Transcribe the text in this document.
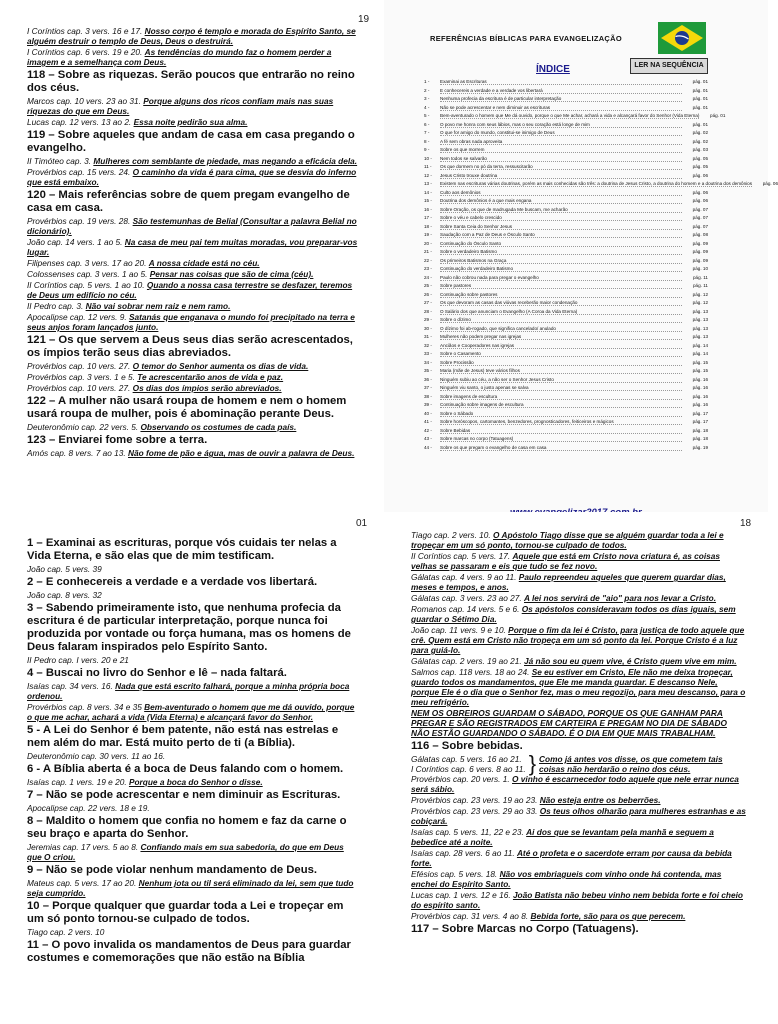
19
I Coríntios cap. 3 vers. 16 e 17. Nosso corpo é templo e morada do Espírito Santo, se alguém destruir o templo de Deus, Deus o destruirá.
I Coríntios cap. 6 vers. 19 e 20. As tendências do mundo faz o homem perder a imagem e a semelhança com Deus.
118 – Sobre as riquezas. Serão poucos que entrarão no reino dos céus.
Marcos cap. 10 vers. 23 ao 31. Porque alguns dos ricos confiam mais nas suas riquezas do que em Deus.
Lucas cap. 12 vers. 13 ao 2. Essa noite pedirão sua alma.
119 – Sobre aqueles que andam de casa em casa pregando o evangelho.
II Timóteo cap. 3. Mulheres com semblante de piedade, mas negando a eficácia dela.
Provérbios cap. 15 vers. 24. O caminho da vida é para cima, que se desvia do inferno que está embaixo.
120 – Mais referências sobre de quem pregam evangelho de casa em casa.
Provérbios cap. 19 vers. 28. São testemunhas de Belial (Consultar a palavra Belial no dicionário).
João cap. 14 vers. 1 ao 5. Na casa de meu pai tem muitas moradas, vou preparar-vos lugar.
Filipenses cap. 3 vers. 17 ao 20. A nossa cidade está no céu.
Colossenses cap. 3 vers. 1 ao 5. Pensar nas coisas que são de cima (céu).
II Coríntios cap. 5 vers. 1 ao 10. Quando a nossa casa terrestre se desfazer, teremos de Deus um edifício no céu.
II Pedro cap. 3. Não vai sobrar nem raiz e nem ramo.
Apocalipse cap. 12 vers. 9. Satanás que enganava o mundo foi precipitado na terra e seus anjos foram lançados junto.
121 – Os que servem a Deus seus dias serão acrescentados, os ímpios terão seus dias abreviados.
Provérbios cap. 10 vers. 27. O temor do Senhor aumenta os dias de vida.
Provérbios cap. 3 vers. 1 e 5. Te acrescentarão anos de vida e paz.
Provérbios cap. 10 vers. 27. Os dias dos ímpios serão abreviados.
122 – A mulher não usará roupa de homem e nem o homem usará roupa de mulher, pois é abominação perante Deus.
Deuteronômio cap. 22 vers. 5. Observando os costumes de cada país.
123 – Enviarei fome sobre a terra.
Amós cap. 8 vers. 7 ao 13. Não fome de pão e água, mas de ouvir a palavra de Deus.
REFERÊNCIAS BÍBLICAS PARA EVANGELIZAÇÃO
ÍNDICE	LER NA SEQUÊNCIA
1 -	Examinai as Escrituras	pág. 01
2 -	E conhecereis a verdade e a verdade vos libertará	pág. 01
3 -	Nenhuma profecia da escritura é de particular interpretação	pág. 01
4 -	Não se pode acrescentar e nem diminuir as escrituras	pág. 01
5 -	Bem-aventurado o homem que Me dá ouvido, porque o que Me achar, achará a vida e alcançará favor do Senhor (Vida Eterna)	pág. 01
6 -	O povo me honra com seus lábios, mas o seu coração está longe de mim	pág. 01
7 -	O que for amigo do mundo, constitui-se inimigo de Deus	pág. 02
8 -	A fé sem obras nada aproveita	pág. 02
9 -	Sobre os que morrem	pág. 03
10 -	Nem todos se salvarão	pág. 05
11 -	Os que dormem no pó da terra, ressuscitarão	pág. 05
12 -	Jesus Cristo trouxe doutrina	pág. 06
13 -	Existem nas escrituras várias doutrinas, porém as mais conhecidas são três: a doutrina de Jesus Cristo, a doutrina do homem e a doutrina dos demônios	pág. 06
14 -	Culto aos demônios	pág. 06
15 -	Doutrina dos demônios é a que mais engana	pág. 06
16 -	Sobre Oração, os que de madrugada Me buscam, me acharão	pág. 07
17 -	Sobre o véu e cabelo crescido	pág. 07
18 -	Sobre Santa Ceia do Senhor Jesus	pág. 07
19 -	Saudação com a Paz de Deus e Ósculo Santo	pág. 08
20 -	Continuação do Ósculo Santo	pág. 09
21 -	Sobre o verdadeiro Batismo	pág. 09
22 -	Os primeiros Batismos na Graça	pág. 09
23 -	Continuação do verdadeiro Batismo	pág. 10
24 -	Paulo não cobrou nada para pregar o evangelho	pág. 11
25 -	Sobre pastores	pág. 11
26 -	Continuação sobre pastores	pág. 12
27 -	Os que devoram as casas das viúvas receberão maior condenação	pág. 12
28 -	O Salário dos que anunciam o Evangelho (A Coroa da Vida Eterna)	pág. 13
29 -	Sobre o dízimo	pág. 13
30 -	O dízimo foi ab-rogado, que significa cancelado/ anulado	pág. 13
31 -	Mulheres não podem pregar nas igrejas	pág. 13
32 -	Anciãos e Cooperadores nas igrejas	pág. 14
33 -	Sobre o Casamento	pág. 14
34 -	Sobre Procissão	pág. 15
35 -	Maria (mãe de Jesus) teve vários filhos	pág. 15
36 -	Ninguém subiu ao céu, a não ser o Senhor Jesus Cristo	pág. 16
37 -	Ninguém viu santo, o justo apenas se salva	pág. 16
38 -	Sobre imagens de escultura	pág. 16
39 -	Continuação sobre imagens de escultura	pág. 16
40 -	Sobre o Sábado	pág. 17
41 -	Sobre horóscopos, cartomantes, benzedores, prognosticadores, feiticeiros e mágicos	pág. 17
42 -	Sobre Bebidas	pág. 18
43 -	Sobre marcas no corpo (Tatuagens)	pág. 18
44 -	Sobre os que pregam o evangelho de casa em casa	pág. 19
01
1 – Examinai as escrituras, porque vós cuidais ter nelas a Vida Eterna, e são elas que de mim testificam.
João cap. 5 vers. 39
2 – E conhecereis a verdade e a verdade vos libertará.
João cap. 8 vers. 32
3 – Sabendo primeiramente isto, que nenhuma profecia da escritura é de particular interpretação, porque nunca foi produzida por vontade ou força humana, mas os homens de Deus falaram inspirados pelo Espírito Santo.
II Pedro cap. I vers. 20 e 21
4 – Buscai no livro do Senhor e lê – nada faltará.
Isaías cap. 34 vers. 16. Nada que está escrito falhará, porque a minha própria boca ordenou.
Provérbios cap. 8 vers. 34 e 35 Bem-aventurado o homem que me dá ouvido, porque o que me achar, achará a vida (Vida Eterna) e alcançará favor do Senhor.
5 - A Lei do Senhor é bem patente, não está nas estrelas e nem além do mar. Está muito perto de ti (a Bíblia).
Deuteronômio cap. 30 vers. 11 ao 16.
6 - A Bíblia aberta é a boca de Deus falando com o homem.
Isaías cap. 1 vers. 19 e 20. Porque a boca do Senhor o disse.
7 – Não se pode acrescentar e nem diminuir as Escrituras.
Apocalipse cap. 22 vers. 18 e 19.
8 – Maldito o homem que confia no homem e faz da carne o seu braço e aparta do Senhor.
Jeremias cap. 17 vers. 5 ao 8. Confiando mais em sua sabedoria, do que em Deus que O criou.
9 – Não se pode violar nenhum mandamento de Deus.
Mateus cap. 5 vers. 17 ao 20. Nenhum jota ou til será eliminado da lei, sem que tudo seja cumprido.
10 – Porque qualquer que guardar toda a Lei e tropeçar em um só ponto tornou-se culpado de todos.
Tiago cap. 2 vers. 10
11 – O povo invalida os mandamentos de Deus para guardar costumes e comemorações que não estão na Bíblia
18
Tiago cap. 2 vers. 10. O Apóstolo Tiago disse que se alguém guardar toda a lei e tropeçar em um só ponto, tornou-se culpado de todos.
II Coríntios cap. 5 vers. 17. Aquele que está em Cristo nova criatura é, as coisas velhas se passaram e eis que tudo se fez novo.
Gálatas cap. 4 vers. 9 ao 11. Paulo repreendeu aqueles que querem guardar dias, meses e tempos, e anos.
Gálatas cap. 3 vers. 23 ao 27. A lei nos servirá de "aio" para nos levar a Cristo.
Romanos cap. 14 vers. 5 e 6. Os apóstolos consideravam todos os dias iguais, sem guardar o Sétimo Dia.
João cap. 11 vers. 9 e 10. Porque o fim da lei é Cristo, para justiça de todo aquele que crê. Quem está em Cristo não tropeça em um só ponto da lei. Porque Cristo é a luz para guiá-lo.
Gálatas cap. 2 vers. 19 ao 21. Já não sou eu quem vive, é Cristo quem vive em mim.
Salmos cap. 118 vers. 18 ao 24. Se eu estiver em Cristo, Ele não me deixa tropeçar, guardo todos os mandamentos, que Ele me manda guardar. E descanso Nele, porque Ele é o dia que o Senhor fez, mas o meu regozijo, para meu descanso, para o meu refrigério.
NEM OS OBREIROS GUARDAM O SÁBADO, PORQUE OS QUE GANHAM PARA PREGAR E SÃO REGISTRADOS EM CARTEIRA E PREGAM NO DIA DE SÁBADO NÃO ESTÃO GUARDANDO O SÁBADO. É O DIA EM QUE MAIS TRABALHAM.
116 – Sobre bebidas.
Gálatas cap. 5 vers. 16 ao 21.
I Coríntios cap. 6 vers. 8 ao 11. } Como já antes vos disse, os que cometem tais coisas não herdarão o reino dos céus.
Provérbios cap. 20 vers. 1. O vinho é escarnecedor todo aquele que nele errar nunca será sábio.
Provérbios cap. 23 vers. 19 ao 23. Não esteja entre os beberrões.
Provérbios cap. 23 vers. 29 ao 33. Os teus olhos olharão para mulheres estranhas e as cobiçará.
Isaías cap. 5 vers. 11, 22 e 23. Ai dos que se levantam pela manhã e seguem a bebedice até a noite.
Isaías cap. 28 vers. 6 ao 11. Até o profeta e o sacerdote erram por causa da bebida forte.
Efésios cap. 5 vers. 18. Não vos embriagueis com vinho onde há contenda, mas enchei do Espírito Santo.
Lucas cap. 1 vers. 12 e 16. João Batista não bebeu vinho nem bebida forte e foi cheio do espírito santo.
Provérbios cap. 31 vers. 4 ao 8. Bebida forte, são para os que perecem.
117 – Sobre Marcas no Corpo (Tatuagens).
